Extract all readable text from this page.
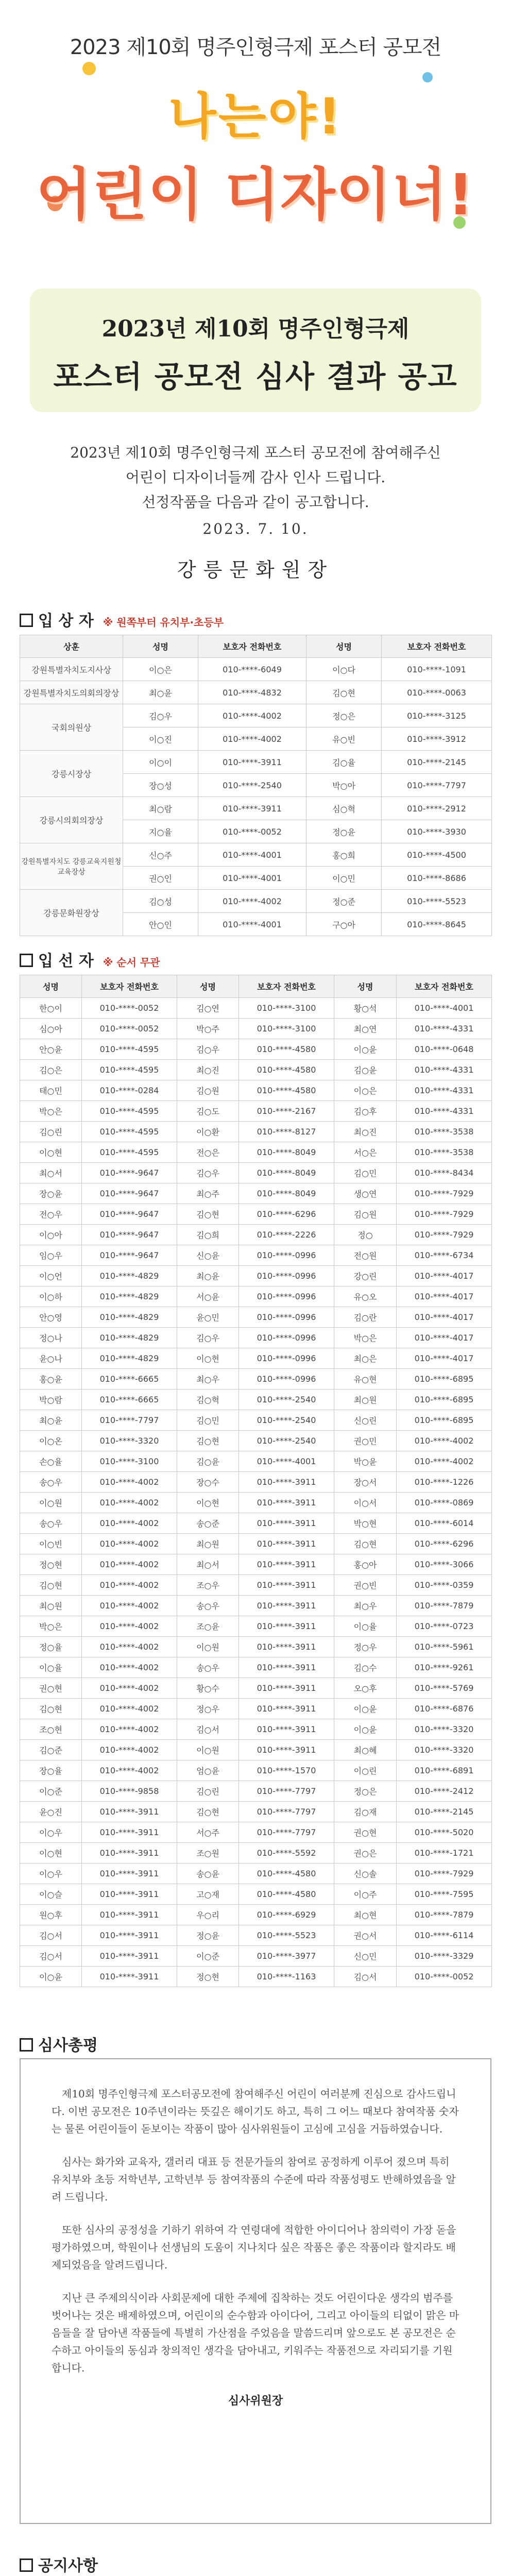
2023 제10회 명주인형극제 포스터 공모전
나는야!
어린이 디자이너!
2023년 제10회 명주인형극제
포스터 공모전 심사 결과 공고
2023년 제10회 명주인형극제 포스터 공모전에 참여해주신
어린이 디자이너들께 감사 인사 드립니다.
선정작품을 다음과 같이 공고합니다.
2023. 7. 10.
강릉문화원장
입 상 자 ※ 원쪽부터 유치부·초등부
상훈	성명	보호자 전화번호	성명	보호자 전화번호
강원특별자치도지사상	이○은	010-****-6049	이○다	010-****-1091
강원특별자치도의회의장상	최○윤	010-****-4832	김○현	010-****-0063
국회의원상	김○우	010-****-4002	정○은	010-****-3125
	이○진	010-****-4002	유○빈	010-****-3912
강릉시장상	이○이	010-****-3911	김○율	010-****-2145
	장○성	010-****-2540	박○아	010-****-7797
강릉시의회의장상	최○람	010-****-3911	심○혁	010-****-2912
	지○율	010-****-0052	정○윤	010-****-3930
강원특별자치도 강릉교육지원청 교육장상	신○주	010-****-4001	홍○희	010-****-4500
	권○인	010-****-4001	이○민	010-****-8686
강릉문화원장상	김○성	010-****-4002	정○준	010-****-5523
	안○인	010-****-4001	구○아	010-****-8645
입 선 자 ※ 순서 무관
성명	보호자 전화번호	성명	보호자 전화번호	성명	보호자 전화번호
한○이	010-****-0052	김○연	010-****-3100	황○석	010-****-4001
심○아	010-****-0052	박○주	010-****-3100	최○연	010-****-4331
안○윤	010-****-4595	김○우	010-****-4580	이○윤	010-****-0648
김○은	010-****-4595	최○진	010-****-4580	김○윤	010-****-4331
태○민	010-****-0284	김○원	010-****-4580	이○은	010-****-4331
박○은	010-****-4595	김○도	010-****-2167	김○후	010-****-4331
김○린	010-****-4595	이○환	010-****-8127	최○진	010-****-3538
이○현	010-****-4595	전○은	010-****-8049	서○은	010-****-3538
최○서	010-****-9647	김○우	010-****-8049	김○민	010-****-8434
장○윤	010-****-9647	최○주	010-****-8049	생○연	010-****-7929
전○우	010-****-9647	김○현	010-****-6296	김○원	010-****-7929
이○아	010-****-9647	김○희	010-****-2226	정○	010-****-7929
임○우	010-****-9647	신○윤	010-****-0996	전○원	010-****-6734
이○언	010-****-4829	최○윤	010-****-0996	강○린	010-****-4017
이○하	010-****-4829	서○윤	010-****-0996	유○오	010-****-4017
안○영	010-****-4829	윤○민	010-****-0996	김○란	010-****-4017
정○나	010-****-4829	김○우	010-****-0996	박○은	010-****-4017
윤○나	010-****-4829	이○현	010-****-0996	최○은	010-****-4017
홍○윤	010-****-6665	최○우	010-****-0996	유○현	010-****-6895
박○람	010-****-6665	김○혁	010-****-2540	최○원	010-****-6895
최○윤	010-****-7797	김○민	010-****-2540	신○린	010-****-6895
이○온	010-****-3320	김○현	010-****-2540	권○민	010-****-4002
손○율	010-****-3100	김○윤	010-****-4001	박○윤	010-****-4002
송○우	010-****-4002	장○수	010-****-3911	장○서	010-****-1226
이○원	010-****-4002	이○현	010-****-3911	이○서	010-****-0869
송○우	010-****-4002	송○준	010-****-3911	박○현	010-****-6014
이○빈	010-****-4002	최○원	010-****-3911	김○현	010-****-6296
정○현	010-****-4002	최○서	010-****-3911	홍○아	010-****-3066
김○현	010-****-4002	조○우	010-****-3911	권○빈	010-****-0359
최○원	010-****-4002	송○우	010-****-3911	최○우	010-****-7879
박○은	010-****-4002	조○윤	010-****-3911	이○율	010-****-0723
정○율	010-****-4002	이○원	010-****-3911	정○우	010-****-5961
이○율	010-****-4002	송○우	010-****-3911	김○수	010-****-9261
권○현	010-****-4002	황○수	010-****-3911	오○후	010-****-5769
김○현	010-****-4002	정○우	010-****-3911	이○윤	010-****-6876
조○현	010-****-4002	김○서	010-****-3911	이○윤	010-****-3320
김○준	010-****-4002	이○원	010-****-3911	최○혜	010-****-3320
장○율	010-****-4002	엄○윤	010-****-1570	이○린	010-****-6891
이○준	010-****-9858	김○린	010-****-7797	정○은	010-****-2412
윤○진	010-****-3911	김○현	010-****-7797	김○재	010-****-2145
이○우	010-****-3911	서○주	010-****-7797	권○현	010-****-5020
이○현	010-****-3911	조○원	010-****-5592	권○은	010-****-1721
이○우	010-****-3911	송○윤	010-****-4580	신○솔	010-****-7929
이○슬	010-****-3911	고○재	010-****-4580	이○주	010-****-7595
원○후	010-****-3911	우○리	010-****-6929	최○현	010-****-7879
김○서	010-****-3911	정○윤	010-****-5523	권○서	010-****-6114
김○서	010-****-3911	이○준	010-****-3977	신○민	010-****-3329
이○윤	010-****-3911	정○현	010-****-1163	김○서	010-****-0052
심사총평

제10회 명주인형극제 포스터공모전에 참여해주신 어린이 여러분께 진심으로 감사드립니다. 이번 공모전은 10주년이라는 뜻깊은 해이기도 하고, 특히 그 어느 때보다 참여작품 숫자는 물론 어린이들이 돋보이는 작품이 많아 심사위원들이 고심에 고심을 거듭하였습니다.

심사는 화가와 교육자, 갤러리 대표 등 전문가들의 참여로 공정하게 이루어 졌으며 특히 유치부와 초등 저학년부, 고학년부 등 참여작품의 수준에 따라 작품성평도 반해하였음을 알려 드립니다.

또한 심사의 공정성을 기하기 위하여 각 연령대에 적합한 아이디어나 참의력이 가장 돋을 평가하였으며, 학원이나 선생님의 도움이 지나치다 싶은 작품은 좋은 작품이라 할지라도 배제되었음을 알려드립니다.

지난 큰 주제의식이라 사회문제에 대한 주제에 집착하는 것도 어린이다운 생각의 범주를 벗어나는 것은 배제하였으며, 어린이의 순수함과 아이다어, 그리고 아이들의 티없이 맑은 마음들을 잘 담아낸 작품들에 특별히 가산점을 주었음을 말씀드리며 앞으로도 본 공모전은 순수하고 아이들의 동심과 창의적인 생각을 담아내고, 키워주는 작품전으로 자리되기를 기원합니다.

심사위원장
공지사항
